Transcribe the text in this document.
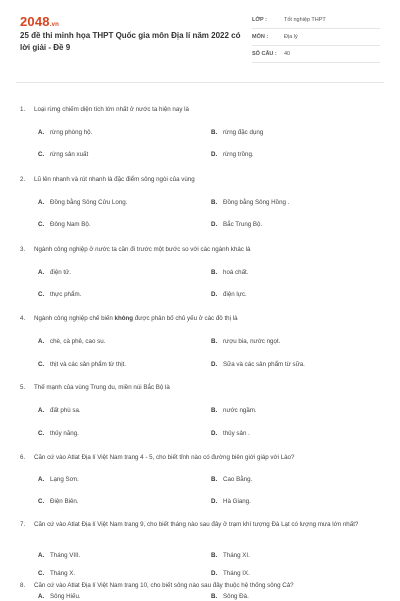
2048.vn
25 đề thi minh họa THPT Quốc gia môn Địa lí năm 2022 có lời giải - Đề 9
LỚP :	Tốt nghiệp THPT
MÔN :	Địa lý
SỐ CÂU :	40
1.	Loại rừng chiếm diện tích lớn nhất ở nước ta hiện nay là
A. rừng phòng hộ.	B. rừng đặc dụng
C. rừng sản xuất	D. rừng trồng.
2.	Lũ lên nhanh và rút nhanh là đặc điểm sông ngòi của vùng
A. Đồng bằng Sông Cửu Long.	B. Đồng bằng Sông Hồng .
C. Đông Nam Bộ.	D. Bắc Trung Bộ.
3.	Ngành công nghiệp ở nước ta cần đi trước một bước so với các ngành khác là
A. điện tử.	B. hoá chất.
C. thực phẩm.	D. điện lực.
4.	Ngành công nghiệp chế biến không được phân bố chủ yếu ở các đô thị là
A. chè, cà phê, cao su.	B. rượu bia, nước ngọt.
C. thịt và các sản phẩm từ thịt.	D. Sữa và các sản phẩm từ sữa.
5.	Thế mạnh của vùng Trung du, miền núi Bắc Bộ là
A. đất phù sa.	B. nước ngầm.
C. thủy năng.	D. thủy sản .
6.	Căn cứ vào Atlat Địa lí Việt Nam trang 4 - 5, cho biết tỉnh nào có đường biên giới giáp với Lào?
A. Lạng Sơn.	B. Cao Bằng.
C. Điện Biên.	D. Hà Giang.
7.	Căn cứ vào Atlat Địa lí Việt Nam trang 9, cho biết tháng nào sau đây ở trạm khí tượng Đà Lạt có lượng mưa lớn nhất?
A. Tháng VIII.	B. Tháng XI.
C. Tháng X.	D. Tháng IX.
8.	Căn cứ vào Atlat Địa lí Việt Nam trang 10, cho biết sông nào sau đây thuộc hệ thống sông Cả?
A. Sông Hiếu.	B. Sông Đà.
